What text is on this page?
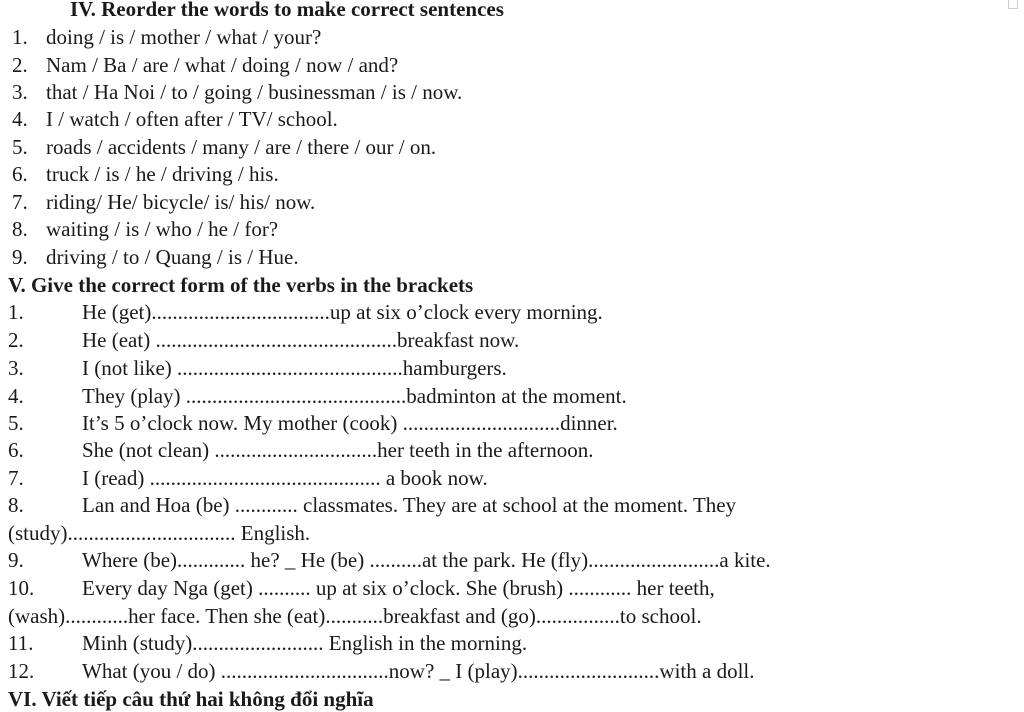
IV. Reorder the words to make correct sentences
1. doing / is / mother / what / your?
2. Nam / Ba / are / what / doing / now / and?
3. that / Ha Noi / to / going / businessman / is / now.
4. I / watch / often after / TV/ school.
5. roads / accidents / many / are / there / our / on.
6. truck / is / he / driving / his.
7. riding/ He/ bicycle/ is/ his/ now.
8. waiting / is / who / he / for?
9. driving / to / Quang / is / Hue.
V. Give the correct form of the verbs in the brackets
1.	He (get)..................................up at six o’clock every morning.
2.	He (eat) ..............................................breakfast now.
3.	I (not like) ...........................................hamburgers.
4.	They (play) ..........................................badminton at the moment.
5.	It’s 5 o’clock now. My mother (cook) ..............................dinner.
6.	She (not clean) ...............................her teeth in the afternoon.
7.	I (read) ............................................ a book now.
8.	Lan and Hoa (be) ............ classmates. They are at school at the moment. They
(study)................................ English.
9.	Where (be)............. he? _ He (be) ..........at the park. He (fly).........................a kite.
10. Every day Nga (get) .......... up at six o’clock. She (brush) ............ her teeth,
(wash)............her face. Then she (eat)...........breakfast and (go)................to school.
11. Minh (study)......................... English in the morning.
12. What (you / do) ................................now? _ I (play)...........................with a doll.
VI. Viết tiếp câu thứ hai không đổi nghĩa
